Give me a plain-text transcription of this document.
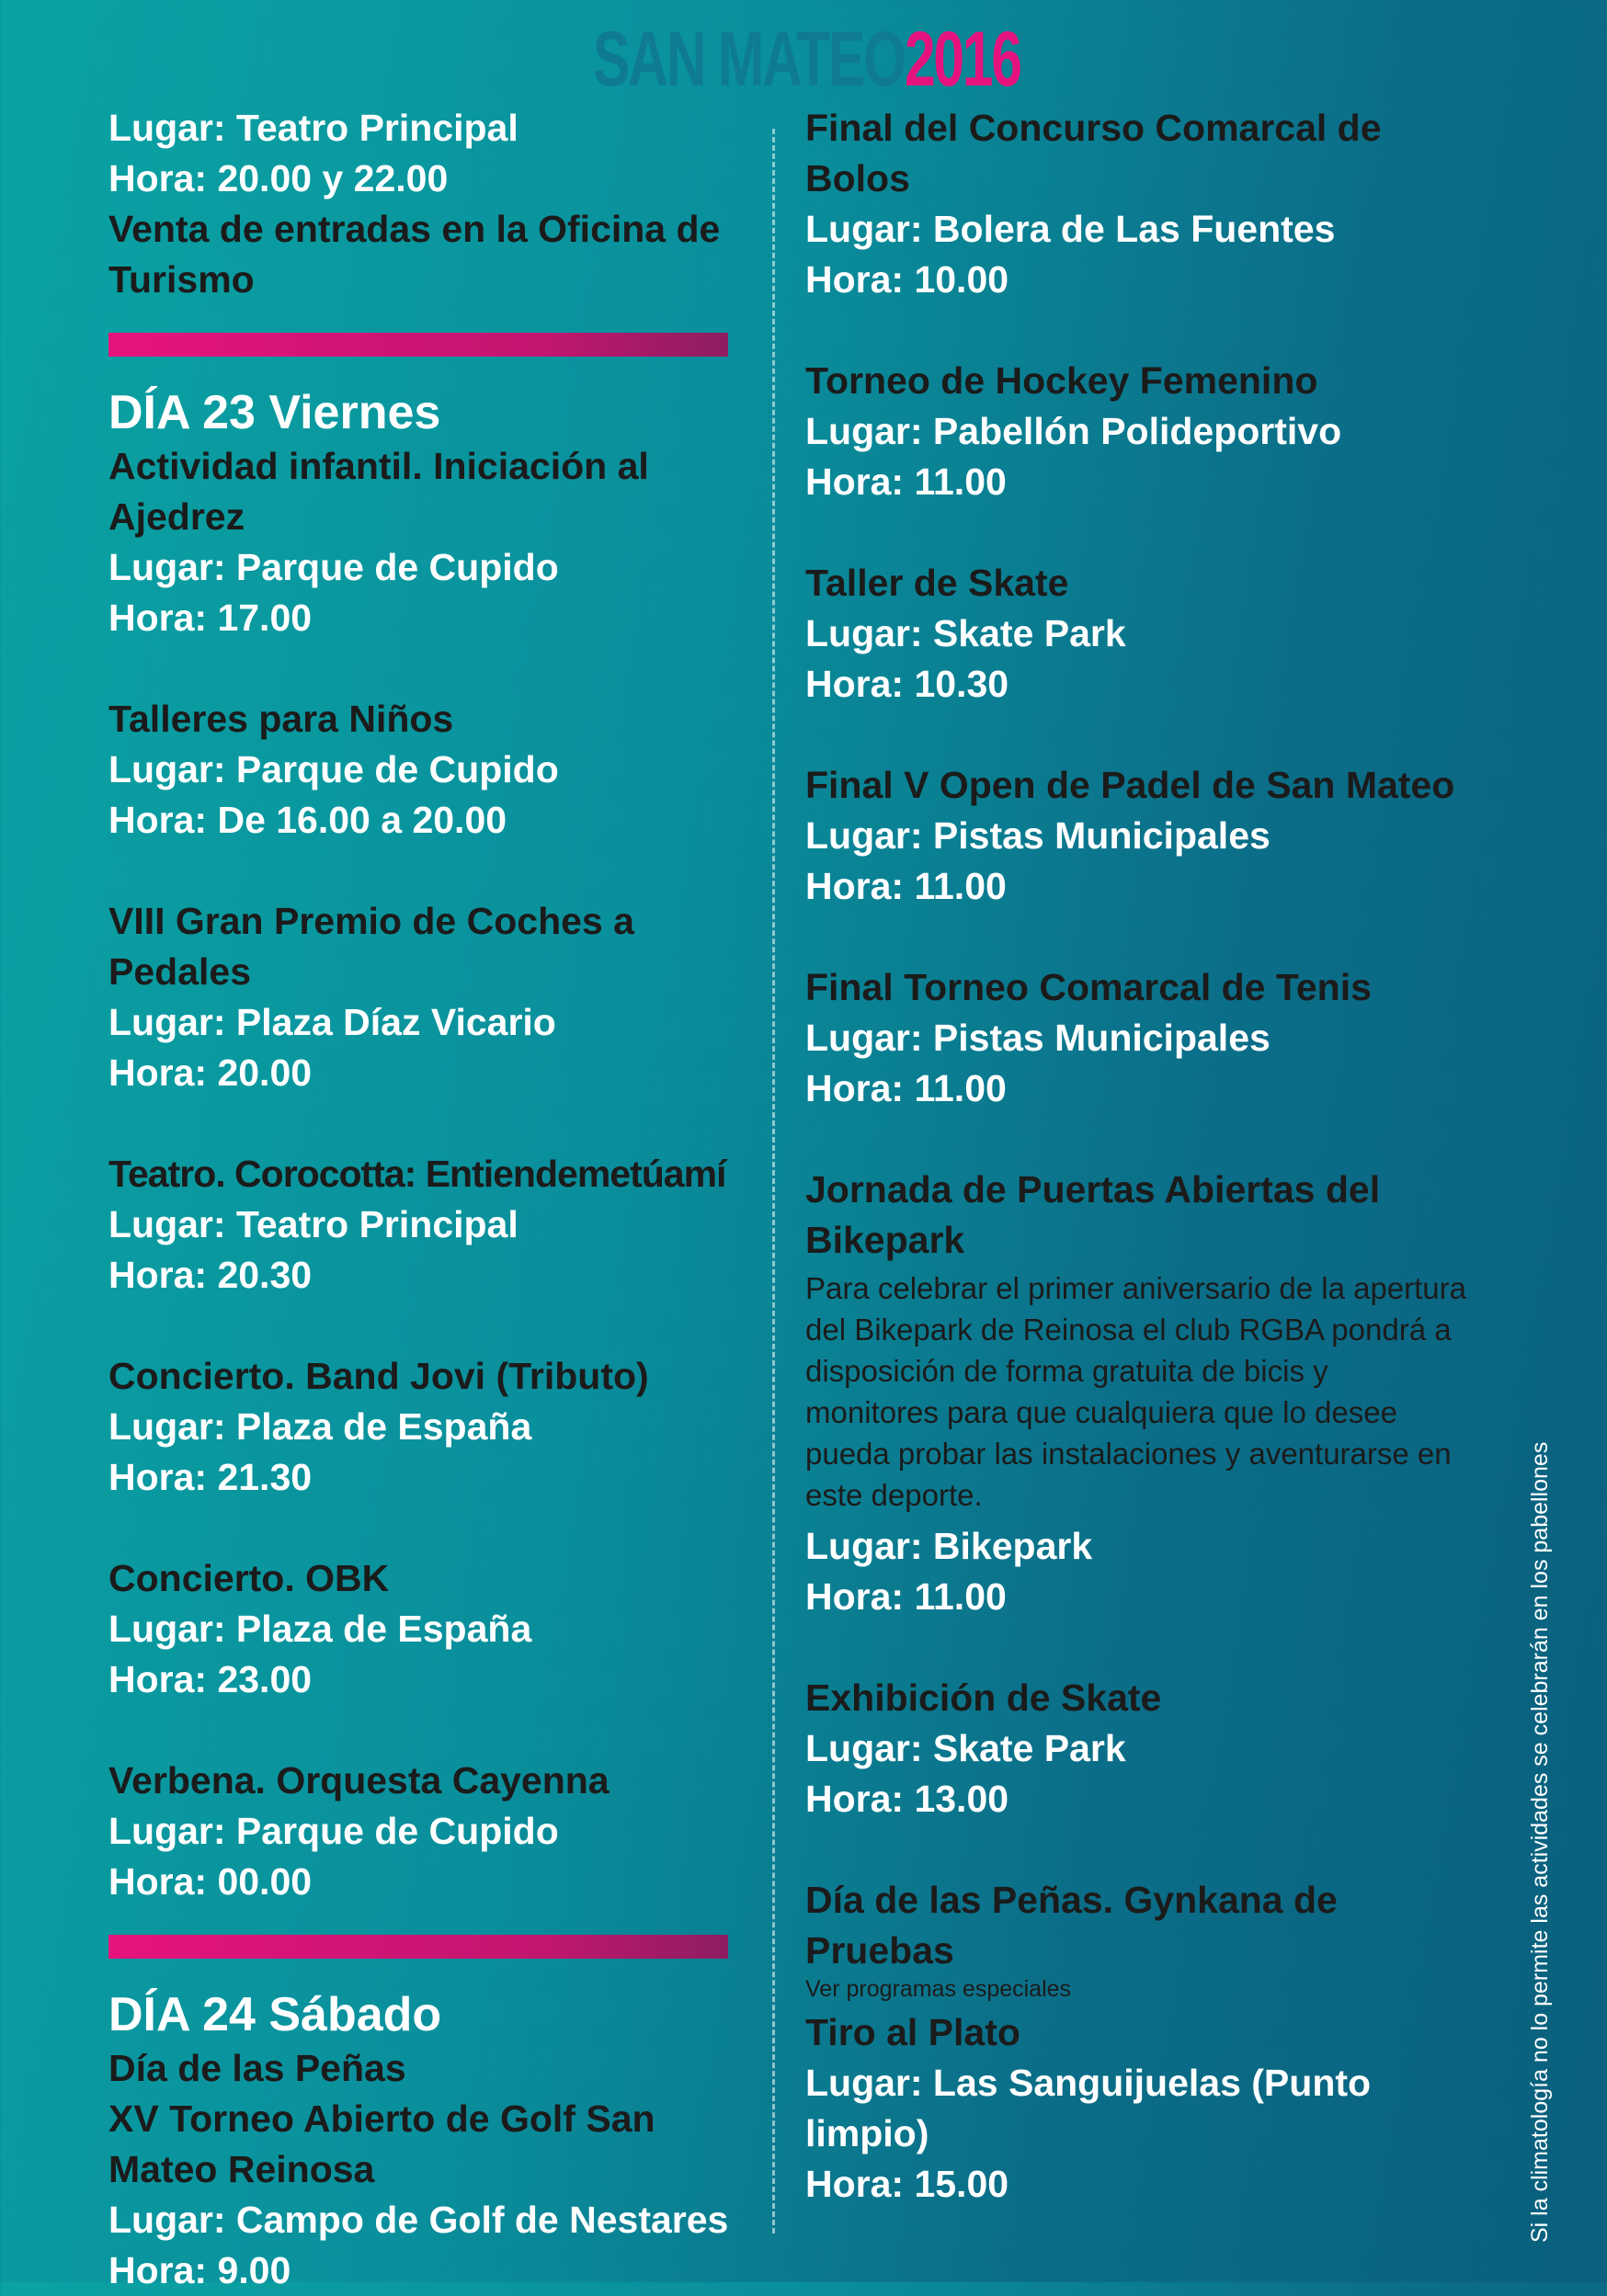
SAN MATEO2016
Lugar: Teatro Principal
Hora: 20.00 y 22.00
Venta de entradas en la Oficina de Turismo
DÍA 23 Viernes
Actividad infantil. Iniciación al Ajedrez
Lugar: Parque de Cupido
Hora: 17.00
Talleres para Niños
Lugar: Parque de Cupido
Hora: De 16.00 a 20.00
VIII Gran Premio de Coches a Pedales
Lugar: Plaza Díaz Vicario
Hora: 20.00
Teatro. Corocotta: Entiendemetúamí
Lugar: Teatro Principal
Hora: 20.30
Concierto. Band Jovi (Tributo)
Lugar: Plaza de España
Hora: 21.30
Concierto. OBK
Lugar: Plaza de España
Hora: 23.00
Verbena. Orquesta Cayenna
Lugar: Parque de Cupido
Hora: 00.00
DÍA 24 Sábado
Día de las Peñas
XV Torneo Abierto de Golf San Mateo Reinosa
Lugar: Campo de Golf de Nestares
Hora: 9.00
Final del Concurso Comarcal de Bolos
Lugar: Bolera de Las Fuentes
Hora: 10.00
Torneo de Hockey Femenino
Lugar: Pabellón Polideportivo
Hora: 11.00
Taller de Skate
Lugar: Skate Park
Hora: 10.30
Final V Open de Padel de San Mateo
Lugar: Pistas Municipales
Hora: 11.00
Final Torneo Comarcal de Tenis
Lugar: Pistas Municipales
Hora: 11.00
Jornada de Puertas Abiertas del Bikepark
Para celebrar el primer aniversario de la apertura del Bikepark de Reinosa el club RGBA pondrá a disposición de forma gratuita de bicis y monitores para que cualquiera que lo desee pueda probar las instalaciones y aventurarse en este deporte.
Lugar: Bikepark
Hora: 11.00
Exhibición de Skate
Lugar: Skate Park
Hora: 13.00
Día de las Peñas. Gynkana de Pruebas
Ver programas especiales
Tiro al Plato
Lugar: Las Sanguijuelas (Punto limpio)
Hora: 15.00	Si la climatología no lo permite las actividades se celebrarán en los pabellones
